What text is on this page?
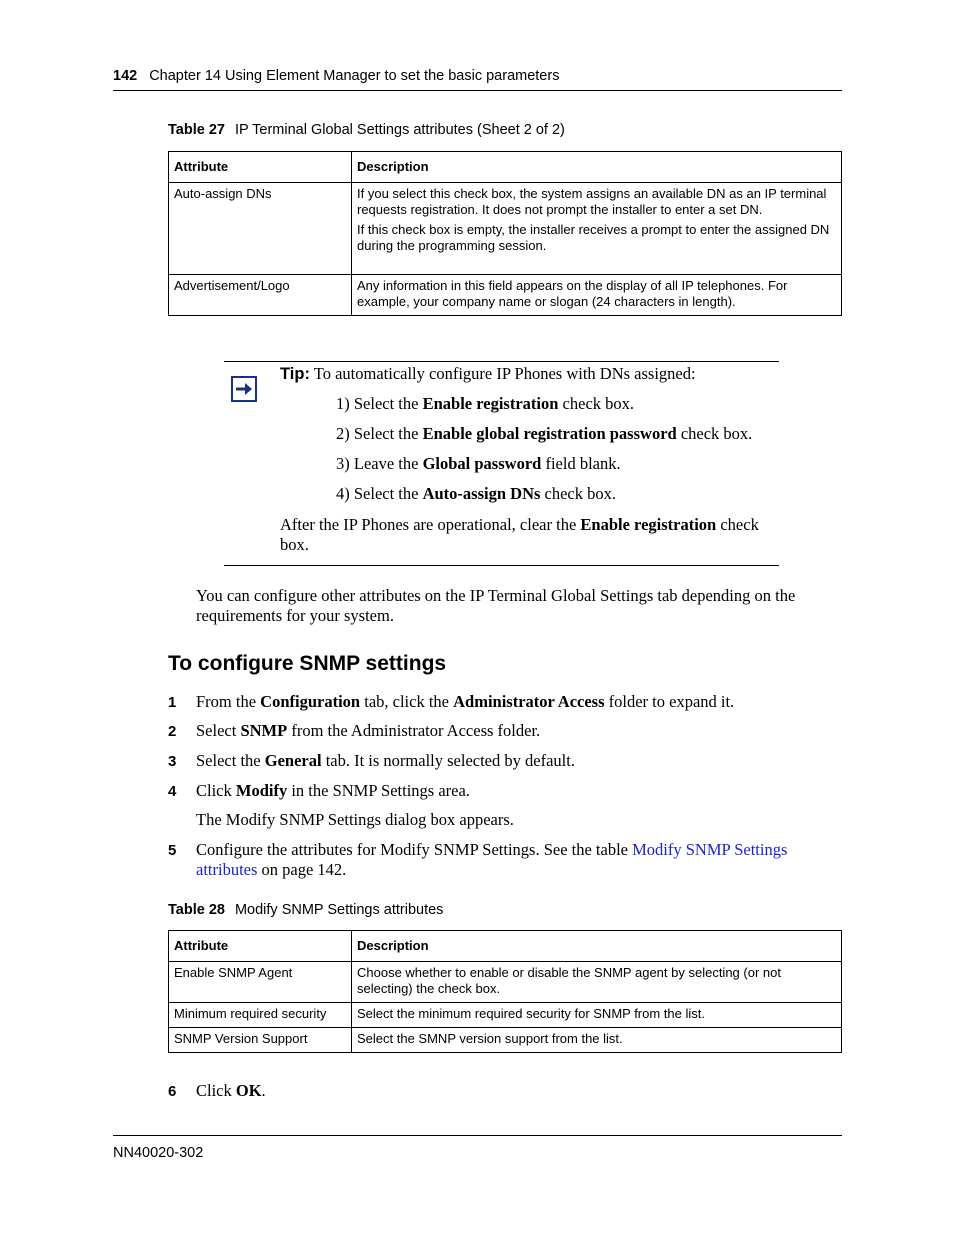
142 Chapter 14 Using Element Manager to set the basic parameters
Table 27 IP Terminal Global Settings attributes (Sheet 2 of 2)
Attribute	Description
Auto-assign DNs	If you select this check box, the system assigns an available DN as an IP terminal requests registration. It does not prompt the installer to enter a set DN.

If this check box is empty, the installer receives a prompt to enter the assigned DN during the programming session.

Advertisement/Logo	Any information in this field appears on the display of all IP telephones. For example, your company name or slogan (24 characters in length).

Tip: To automatically configure IP Phones with DNs assigned:
1) Select the Enable registration check box.
2) Select the Enable global registration password check box.
3) Leave the Global password field blank.
4) Select the Auto-assign DNs check box.
After the IP Phones are operational, clear the Enable registration check box.
You can configure other attributes on the IP Terminal Global Settings tab depending on the requirements for your system.
To configure SNMP settings
1 From the Configuration tab, click the Administrator Access folder to expand it.
2 Select SNMP from the Administrator Access folder.
3 Select the General tab. It is normally selected by default.
4 Click Modify in the SNMP Settings area.
The Modify SNMP Settings dialog box appears.
5 Configure the attributes for Modify SNMP Settings. See the table Modify SNMP Settings attributes on page 142.
Table 28 Modify SNMP Settings attributes
Attribute	Description
Enable SNMP Agent	Choose whether to enable or disable the SNMP agent by selecting (or not selecting) the check box.
Minimum required security	Select the minimum required security for SNMP from the list.
SNMP Version Support	Select the SMNP version support from the list.
6 Click OK.
NN40020-302
